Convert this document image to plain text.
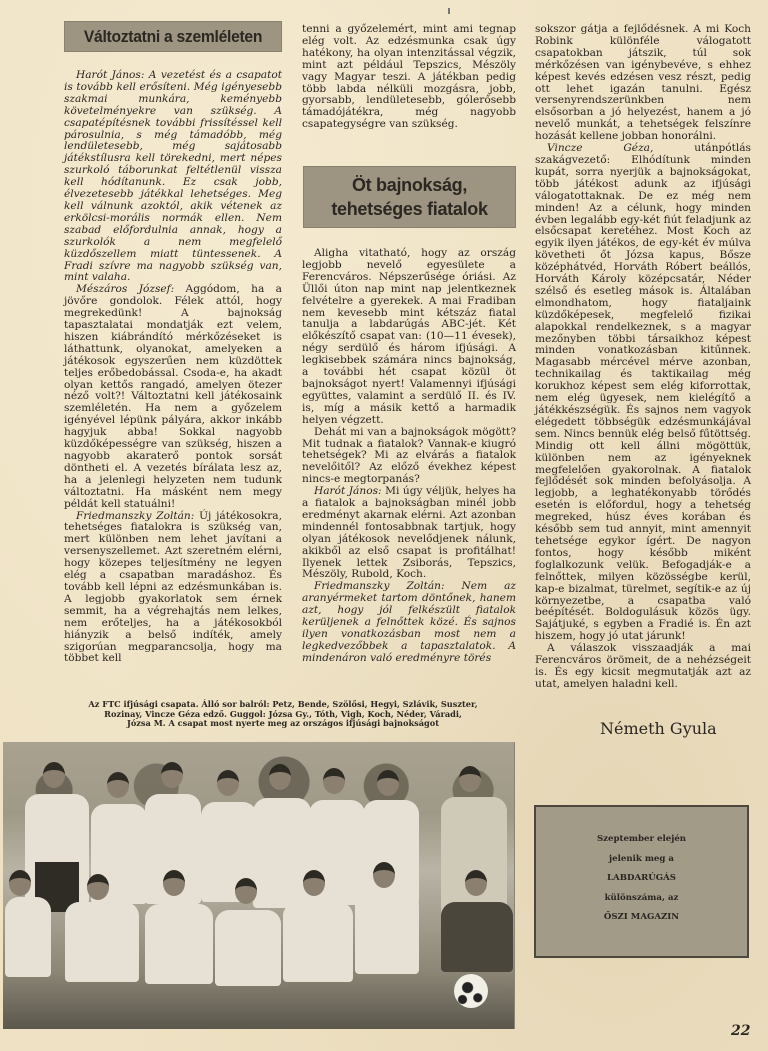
Változtatni a szemléleten

Harót János: A vezetést és a csapatot is tovább kell erősíteni. Még igényesebb szakmai munkára, keményebb követelményekre van szükség. A csapatépítésnek további frissítéssel kell párosulnia, s még támadóbb, még lendületesebb, még sajátosabb játékstílusra kell törekedni, mert népes szurkoló táborunkat feltétlenül vissza kell hódítanunk. Ez csak jobb, élvezetesebb játékkal lehetséges. Meg kell válnunk azoktól, akik vétenek az erkölcsi-morális normák ellen. Nem szabad előfordulnia annak, hogy a szurkolók a nem megfelelő küzdőszellem miatt tüntessenek. A Fradi szívre ma nagyobb szükség van, mint valaha.

Mészáros József: Aggódom, ha a jövőre gondolok. Félek attól, hogy megrekedünk! A bajnokság tapasztalatai mondatják ezt velem, hiszen kiábrándító mérkőzéseket is láthattunk, olyanokat, amelyeken a játékosok egyszerűen nem küzdöttek teljes erőbedobással. Csoda-e, ha akadt olyan kettős rangadó, amelyen ötezer néző volt?! Változtatni kell játékosaink szemléletén. Ha nem a győzelem igényével lépünk pályára, akkor inkább hagyjuk abba! Sokkal nagyobb küzdőképességre van szükség, hiszen a nagyobb akaraterő pontok sorsát döntheti el. A vezetés bírálata lesz az, ha a jelenlegi helyzeten nem tudunk változtatni. Ha másként nem megy példát kell statuálni!

Friedmanszky Zoltán: Új játékosokra, tehetséges fiatalokra is szükség van, mert különben nem lehet javítani a versenyszellemet. Azt szeretném elérni, hogy közepes teljesítmény ne legyen elég a csapatban maradáshoz. És tovább kell lépni az edzésmunkában is. A legjobb gyakorlatok sem érnek semmit, ha a végrehajtás nem lelkes, nem erőteljes, ha a játékosokból hiányzik a belső indíték, amely szigorúan megparancsolja, hogy ma többet kell

tenni a győzelemért, mint ami tegnap elég volt. Az edzésmunka csak úgy hatékony, ha olyan intenzitással végzik, mint azt például Tepszics, Mészöly vagy Magyar teszi. A játékban pedig több labda nélküli mozgásra, jobb, gyorsabb, lendületesebb, gólerősebb támadójátékra, még nagyobb csapategységre van szükség.

Öt bajnokság,
tehetséges fiatalok

Aligha vitatható, hogy az ország legjobb nevelő egyesülete a Ferencváros. Népszerűsége óriási. Az Üllői úton nap mint nap jelentkeznek felvételre a gyerekek. A mai Fradiban nem kevesebb mint kétszáz fiatal tanulja a labdarúgás ABC-jét. Két előkészítő csapat van: (10—11 évesek), négy serdülő és három ifjúsági. A legkisebbek számára nincs bajnokság, a további hét csapat közül öt bajnokságot nyert! Valamennyi ifjúsági együttes, valamint a serdülő II. és IV. is, míg a másik kettő a harmadik helyen végzett.

Dehát mi van a bajnokságok mögött? Mit tudnak a fiatalok? Vannak-e kiugró tehetségek? Mi az elvárás a fiatalok nevelőitől? Az előző évekhez képest nincs-e megtorpanás?

Harót János: Mi úgy véljük, helyes ha a fiatalok a bajnokságban minél jobb eredményt akarnak elérni. Azt azonban mindennél fontosabbnak tartjuk, hogy olyan játékosok nevelődjenek nálunk, akikből az első csapat is profitálhat! Ilyenek lettek Zsiborás, Tepszics, Mészöly, Rubold, Koch.

Friedmanszky Zoltán: Nem az aranyérmeket tartom döntőnek, hanem azt, hogy jól felkészült fiatalok kerüljenek a felnőttek közé. És sajnos ilyen vonatkozásban most nem a legkedvezőbbek a tapasztalatok. A mindenáron való eredményre törés

sokszor gátja a fejlődésnek. A mi Koch Robink különféle válogatott csapatokban játszik, túl sok mérkőzésen van igénybevéve, s ehhez képest kevés edzésen vesz részt, pedig ott lehet igazán tanulni. Egész versenyrendszerünkben nem elsősorban a jó helyezést, hanem a jó nevelő munkát, a tehetségek felszínre hozását kellene jobban honorálni.

Vincze Géza, utánpótlás szakágvezető: Elhódítunk minden kupát, sorra nyerjük a bajnokságokat, több játékost adunk az ifjúsági válogatottaknak. De ez még nem minden! Az a célunk, hogy minden évben legalább egy-két fiút feladjunk az elsőcsapat keretéhez. Most Koch az egyik ilyen játékos, de egy-két év múlva követheti őt Józsa kapus, Bősze középhátvéd, Horváth Róbert beállós, Horváth Károly középcsatár, Néder szélső és esetleg mások is. Általában elmondhatom, hogy fiataljaink küzdőképesek, megfelelő fizikai alapokkal rendelkeznek, s a magyar mezőnyben többi társaikhoz képest minden vonatkozásban kitűnnek. Magasabb mércével mérve azonban, technikailag és taktikailag még korukhoz képest sem elég kiforrottak, nem elég ügyesek, nem kielégítő a játékkészségük. És sajnos nem vagyok elégedett többségük edzésmunkájával sem. Nincs bennük elég belső fűtöttség. Mindig ott kell állni mögöttük, különben nem az igényeknek megfelelően gyakorolnak. A fiatalok fejlődését sok minden befolyásolja. A legjobb, a leghatékonyabb törődés esetén is előfordul, hogy a tehetség megreked, húsz éves korában és később sem tud annyit, mint amennyit tehetsége egykor ígért. De nagyon fontos, hogy később miként foglalkozunk velük. Befogadják-e a felnőttek, milyen közösségbe kerül, kap-e bizalmat, türelmet, segítik-e az új környezetbe, a csapatba való beépítését. Boldogulásuk közös ügy. Sajátjuké, s egyben a Fradié is. Én azt hiszem, hogy jó utat járunk!

A válaszok visszaadják a mai Ferencváros örömeit, de a nehézségeit is. És egy kicsit megmutatják azt az utat, amelyen haladni kell.

Németh Gyula
Az FTC ifjúsági csapata. Álló sor balról: Petz, Bende, Szölősi, Hegyi, Szlávik, Suszter,
Rozinay, Vincze Géza edző. Guggol: Józsa Gy., Tóth, Vigh, Koch, Néder, Váradi,
Józsa M. A csapat most nyerte meg az országos ifjúsági bajnokságot
Szeptember elején
jelenik meg a
LABDARÚGÁS
különszáma, az
ŐSZI MAGAZIN
22
